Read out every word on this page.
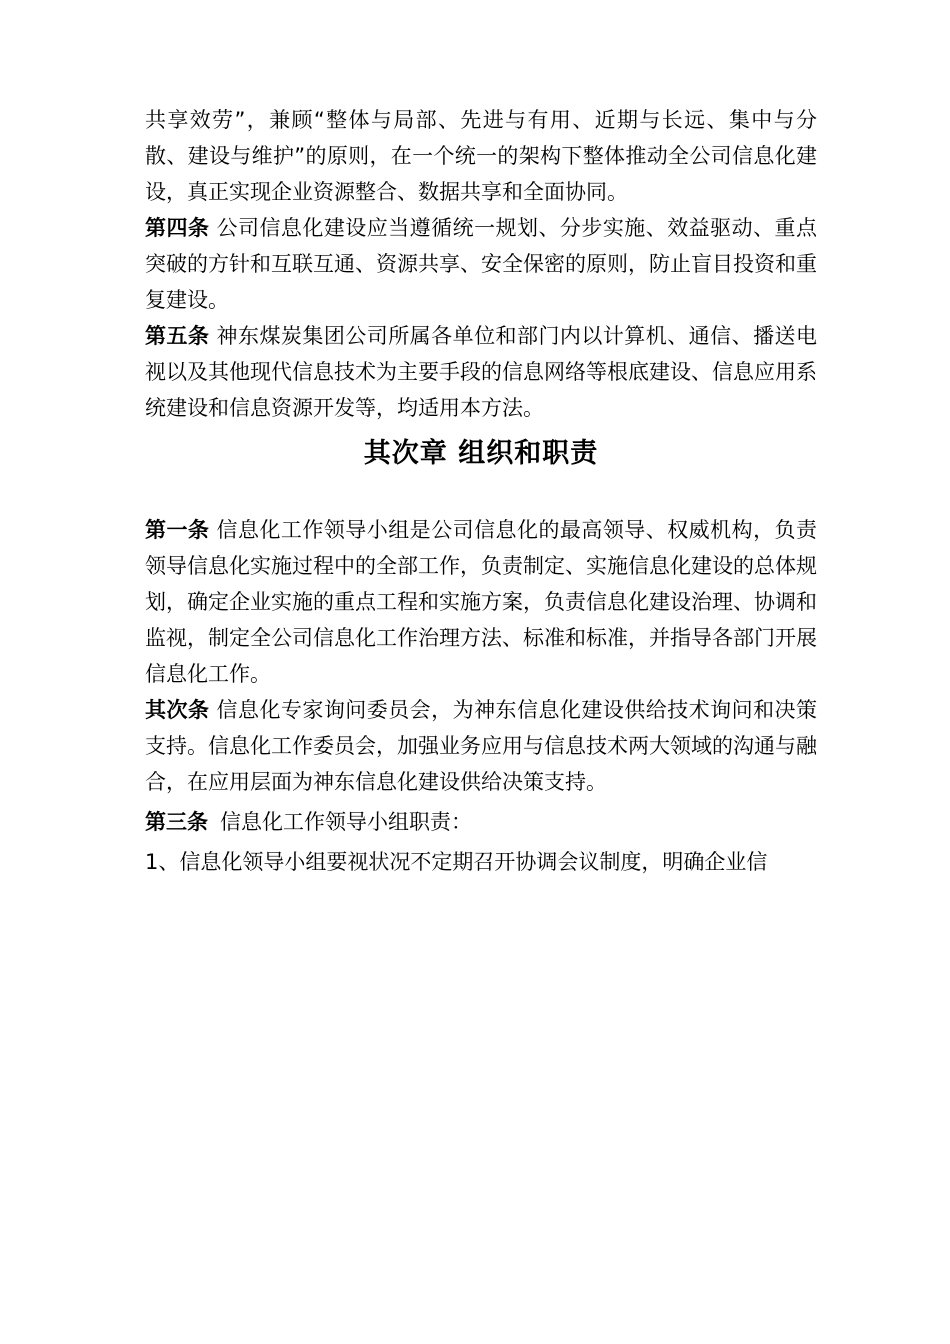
共享效劳”，兼顾“整体与局部、先进与有用、近期与长远、集中与分散、建设与维护”的原则，在一个统一的架构下整体推动全公司信息化建设，真正实现企业资源整合、数据共享和全面协同。

第四条 公司信息化建设应当遵循统一规划、分步实施、效益驱动、重点突破的方针和互联互通、资源共享、安全保密的原则，防止盲目投资和重复建设。

第五条 神东煤炭集团公司所属各单位和部门内以计算机、通信、播送电视以及其他现代信息技术为主要手段的信息网络等根底建设、信息应用系统建设和信息资源开发等，均适用本方法。

其次章 组织和职责

第一条 信息化工作领导小组是公司信息化的最高领导、权威机构，负责领导信息化实施过程中的全部工作，负责制定、实施信息化建设的总体规划，确定企业实施的重点工程和实施方案，负责信息化建设治理、协调和监视，制定全公司信息化工作治理方法、标准和标准，并指导各部门开展信息化工作。

其次条 信息化专家询问委员会，为神东信息化建设供给技术询问和决策支持。信息化工作委员会，加强业务应用与信息技术两大领域的沟通与融合，在应用层面为神东信息化建设供给决策支持。

第三条 信息化工作领导小组职责：

1、信息化领导小组要视状况不定期召开协调会议制度，明确企业信
